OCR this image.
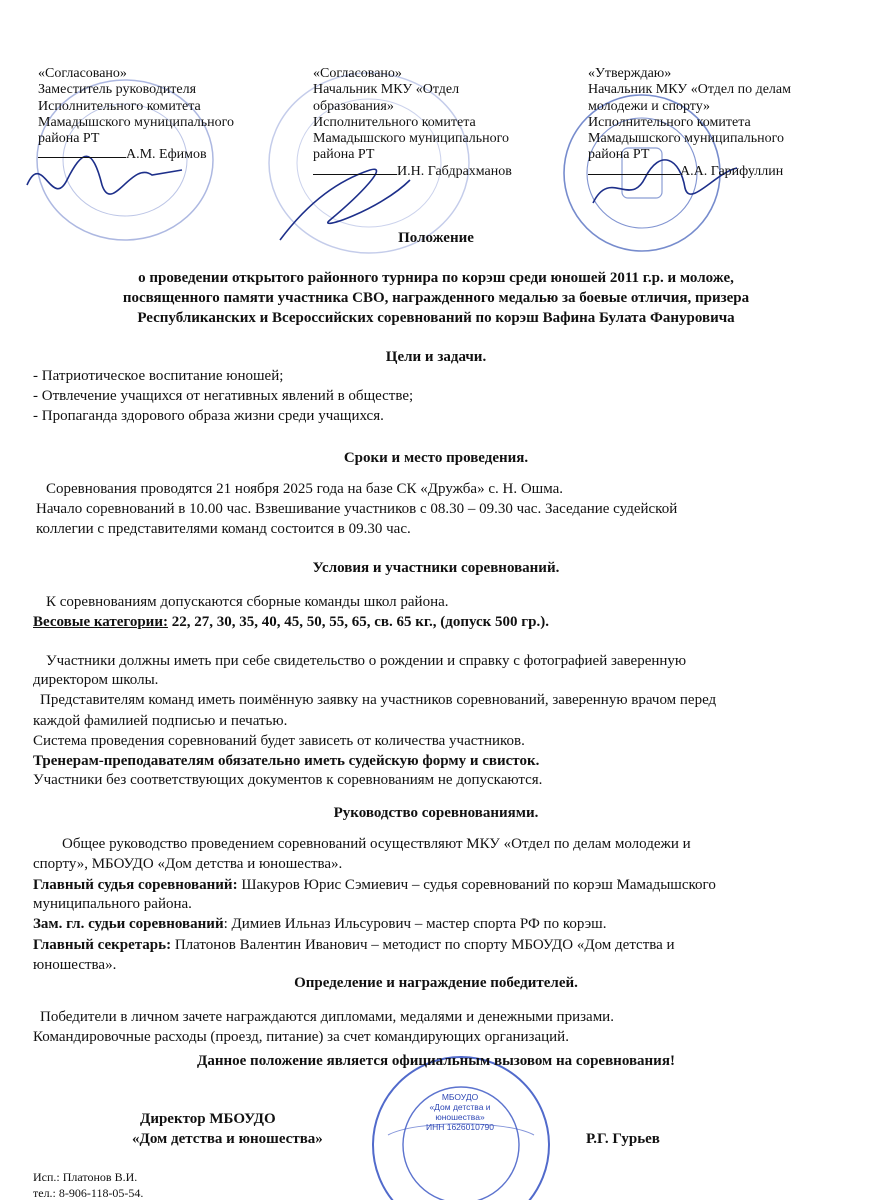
МБОУДО
«Дом детства и
юношества»
ИНН 1626010790
«Согласовано»
Заместитель руководителя
Исполнительного комитета
Мамадышского муниципального
района РТ
А.М. Ефимов
«Согласовано»
Начальник МКУ «Отдел
образования»
Исполнительного комитета
Мамадышского муниципального
района РТ
И.Н. Габдрахманов
«Утверждаю»
Начальник МКУ «Отдел по делам
молодежи и спорту»
Исполнительного комитета
Мамадышского муниципального
района РТ
А.А. Гарифуллин
Положение
о проведении открытого районного турнира по корэш среди юношей 2011 г.р. и моложе,
посвященного памяти участника СВО, награжденного медалью за боевые отличия, призера
Республиканских и Всероссийских соревнований по корэш Вафина Булата Фануровича
Цели и задачи.
- Патриотическое воспитание юношей;
- Отвлечение учащихся от негативных явлений в обществе;
- Пропаганда здорового образа жизни среди учащихся.
Сроки и место проведения.
Соревнования проводятся 21 ноября 2025 года на базе СК «Дружба» с. Н. Ошма.
Начало соревнований в 10.00 час. Взвешивание участников с 08.30 – 09.30 час. Заседание судейской
коллегии с представителями команд состоится в 09.30 час.
Условия и участники соревнований.
К соревнованиям допускаются сборные команды школ района.
Весовые категории: 22, 27, 30, 35, 40, 45, 50, 55, 65, св. 65 кг., (допуск 500 гр.).
Участники должны иметь при себе свидетельство о рождении и справку с фотографией заверенную
директором школы.
Представителям команд иметь поимённую заявку на участников соревнований, заверенную врачом перед
каждой фамилией подписью и печатью.
Система проведения соревнований будет зависеть от количества участников.
Тренерам-преподавателям обязательно иметь судейскую форму и свисток.
Участники без соответствующих документов к соревнованиям не допускаются.
Руководство соревнованиями.
Общее руководство проведением соревнований осуществляют МКУ «Отдел по делам молодежи и
спорту», МБОУДО «Дом детства и юношества».
Главный судья соревнований: Шакуров Юрис Сэмиевич – судья соревнований по корэш Мамадышского
муниципального района.
Зам. гл. судьи соревнований: Димиев Ильназ Ильсурович – мастер спорта РФ по корэш.
Главный секретарь: Платонов Валентин Иванович – методист по спорту МБОУДО «Дом детства и
юношества».
Определение и награждение победителей.
Победители в личном зачете награждаются дипломами, медалями и денежными призами.
Командировочные расходы (проезд, питание) за счет командирующих организаций.
Данное положение является официальным вызовом на соревнования!
Директор МБОУДО
«Дом детства и юношества»	Р.Г. Гурьев
Исп.: Платонов В.И.
тел.: 8-906-118-05-54.
